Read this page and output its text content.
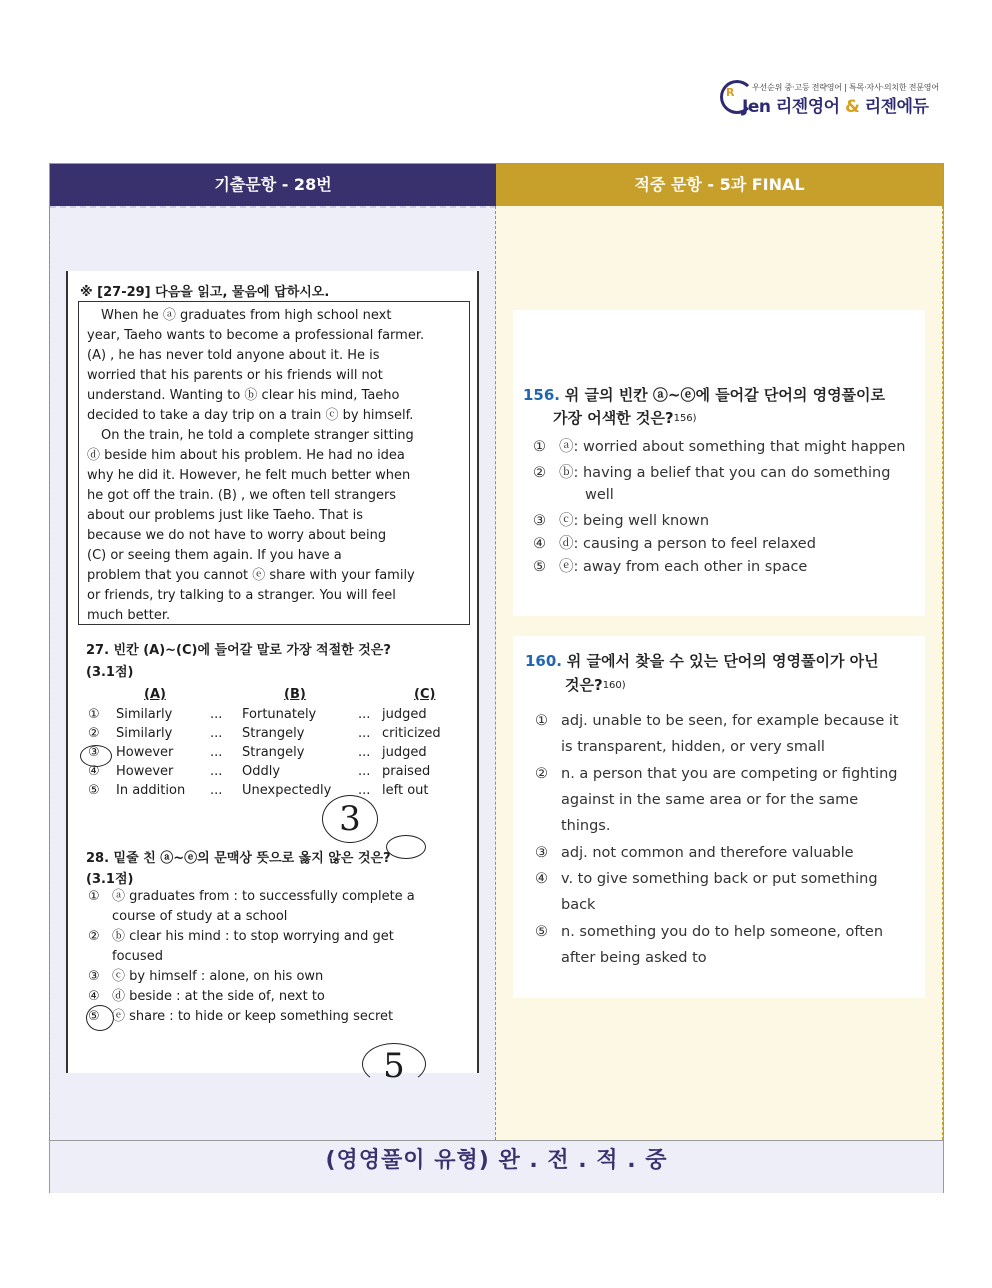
R 우선순위 중·고등 전략영어 | 특목·자사·의치한 전문영어
Jen 리젠영어 & 리젠에듀
기출문항 - 28번	적중 문항 - 5과 FINAL
※ [27-29] 다음을 읽고, 물음에 답하시오.

When he ⓐ graduates from high school next

year, Taeho wants to become a professional farmer.
(A) , he has never told anyone about it. He is
worried that his parents or his friends will not
understand. Wanting to ⓑ clear his mind, Taeho
decided to take a day trip on a train ⓒ by himself.

On the train, he told a complete stranger sitting

ⓓ beside him about his problem. He had no idea
why he did it. However, he felt much better when
he got off the train. (B) , we often tell strangers
about our problems just like Taeho. That is
because we do not have to worry about being
(C) or seeing them again. If you have a
problem that you cannot ⓔ share with your family
or friends, try talking to a stranger. You will feel
much better.
27. 빈칸 (A)~(C)에 들어갈 말로 가장 적절한 것은?
(3.1점)
(A)	(B)	(C)
① Similarly	... Fortunately	... judged
② Similarly	... Strangely	... criticized
③ However	... Strangely	... judged
④ However	... Oddly	... praised
⑤ In addition ... Unexpectedly ... left out
3
28. 밑줄 친 ⓐ~ⓔ의 문맥상 뜻으로 옳지 않은 것은?
(3.1점)
① ⓐ graduates from : to successfully complete a
course of study at a school
② ⓑ clear his mind : to stop worrying and get
focused
③ ⓒ by himself : alone, on his own
④ ⓓ beside : at the side of, next to
⑤ ⓔ share : to hide or keep something secret
5
156. 위 글의 빈칸 ⓐ~ⓔ에 들어갈 단어의 영영풀이로
가장 어색한 것은?$^{156)}$
① ⓐ: worried about something that might happen
② ⓑ: having a belief that you can do something
well
③ ⓒ: being well known
④ ⓓ: causing a person to feel relaxed
⑤ ⓔ: away from each other in space
160. 위 글에서 찾을 수 있는 단어의 영영풀이가 아닌
것은?$^{160)}$
① adj. unable to be seen, for example because it
is transparent, hidden, or very small
② n. a person that you are competing or fighting
against in the same area or for the same
things.
③ adj. not common and therefore valuable
④ v. to give something back or put something
back
⑤ n. something you do to help someone, often
after being asked to
(영영풀이 유형) 완 . 전 . 적 . 중
